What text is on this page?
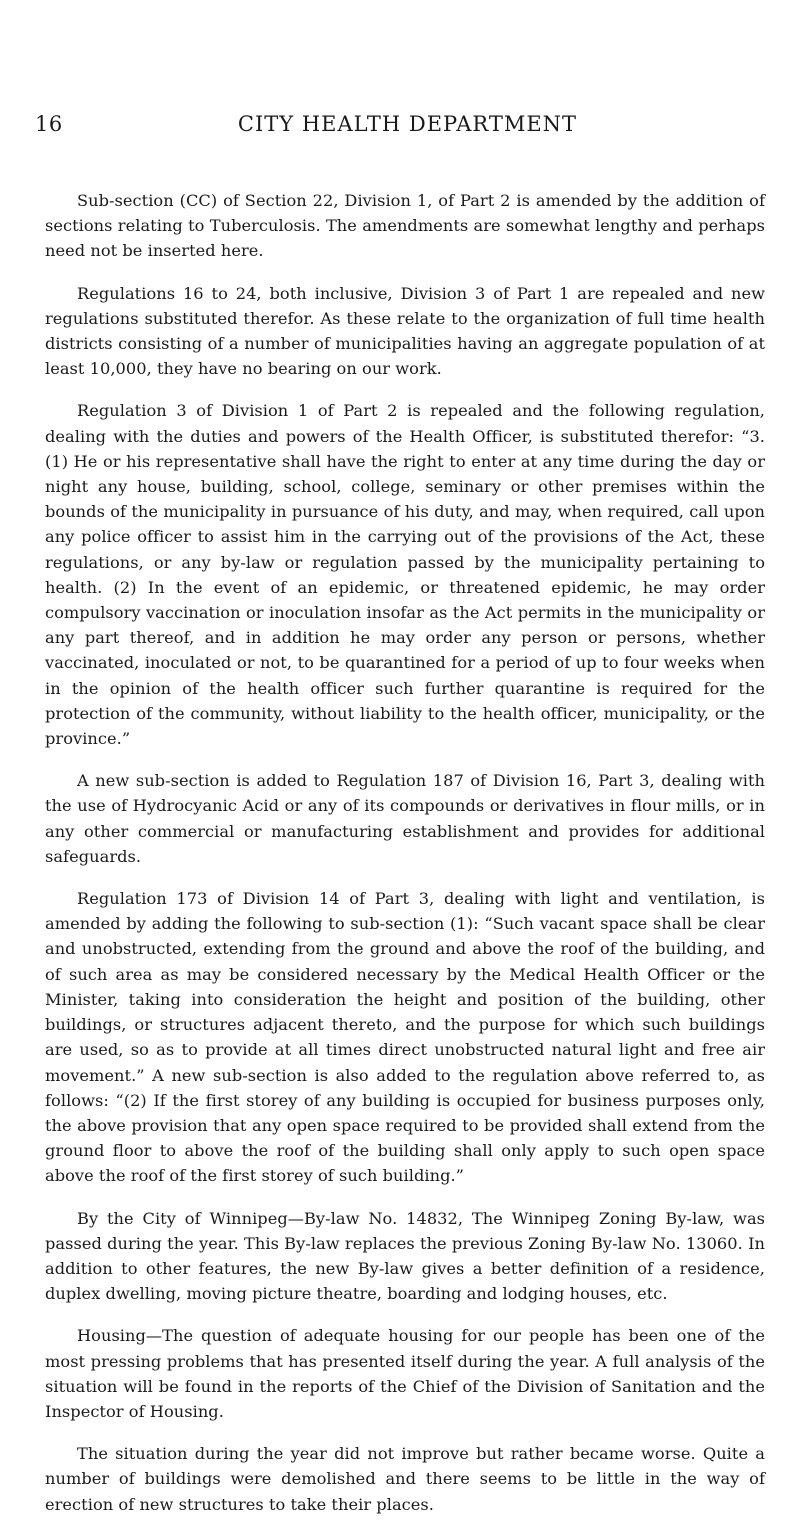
16	CITY HEALTH DEPARTMENT

Sub-section (CC) of Section 22, Division 1, of Part 2 is amended by the addition of sections relating to Tuberculosis. The amendments are somewhat lengthy and perhaps need not be inserted here.

Regulations 16 to 24, both inclusive, Division 3 of Part 1 are repealed and new regulations substituted therefor. As these relate to the organization of full time health districts consisting of a number of municipalities having an aggregate population of at least 10,000, they have no bearing on our work.

Regulation 3 of Division 1 of Part 2 is repealed and the following regulation, dealing with the duties and powers of the Health Officer, is substituted therefor: “3. (1) He or his representative shall have the right to enter at any time during the day or night any house, building, school, college, seminary or other premises within the bounds of the municipality in pursuance of his duty, and may, when required, call upon any police officer to assist him in the carrying out of the provisions of the Act, these regulations, or any by-law or regulation passed by the municipality pertaining to health. (2) In the event of an epidemic, or threatened epidemic, he may order compulsory vaccination or inoculation insofar as the Act permits in the municipality or any part thereof, and in addition he may order any person or persons, whether vaccinated, inoculated or not, to be quarantined for a period of up to four weeks when in the opinion of the health officer such further quarantine is required for the protection of the community, without liability to the health officer, municipality, or the province.”

A new sub-section is added to Regulation 187 of Division 16, Part 3, dealing with the use of Hydrocyanic Acid or any of its compounds or derivatives in flour mills, or in any other commercial or manufacturing establishment and provides for additional safeguards.

Regulation 173 of Division 14 of Part 3, dealing with light and ventilation, is amended by adding the following to sub-section (1): “Such vacant space shall be clear and unobstructed, extending from the ground and above the roof of the building, and of such area as may be considered necessary by the Medical Health Officer or the Minister, taking into consideration the height and position of the building, other buildings, or structures adjacent thereto, and the purpose for which such buildings are used, so as to provide at all times direct unobstructed natural light and free air movement.” A new sub-section is also added to the regulation above referred to, as follows: “(2) If the first storey of any building is occupied for business purposes only, the above provision that any open space required to be provided shall extend from the ground floor to above the roof of the building shall only apply to such open space above the roof of the first storey of such building.”

By the City of Winnipeg—By-law No. 14832, The Winnipeg Zoning By-law, was passed during the year. This By-law replaces the previous Zoning By-law No. 13060. In addition to other features, the new By-law gives a better definition of a residence, duplex dwelling, moving picture theatre, boarding and lodging houses, etc.

Housing—The question of adequate housing for our people has been one of the most pressing problems that has presented itself during the year. A full analysis of the situation will be found in the reports of the Chief of the Division of Sanitation and the Inspector of Housing.

The situation during the year did not improve but rather became worse. Quite a number of buildings were demolished and there seems to be little in the way of erection of new structures to take their places.
